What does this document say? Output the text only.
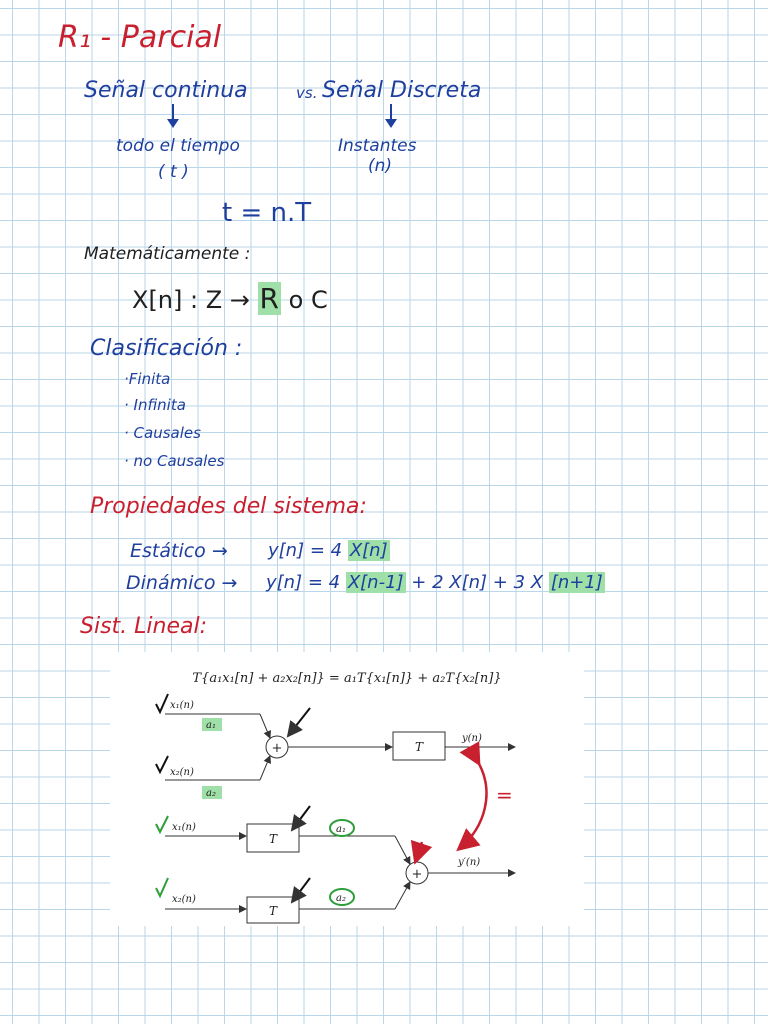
R₁ - Parcial
Señal continua	vs. Señal Discreta
todo el tiempo
( t )
Instantes
(n)
t = n.T
Matemáticamente :
X[n] : Z → R o C
Clasificación :
·Finita
· Infinita
· Causales
· no Causales
Propiedades del sistema:
Estático → y[n] = 4 X[n]
Dinámico → y[n] = 4 X[n-1] + 2 X[n] + 3 X [n+1]
Sist. Lineal:
T{a₁x₁[n] + a₂x₂[n]} = a₁T{x₁[n]} + a₂T{x₂[n]}
+	T
x₁(n)
x₂(n)
a₁
a₂
y(n)
T
T
+
x₁(n)
x₂(n)
a₁
a₂
y′(n)
=
